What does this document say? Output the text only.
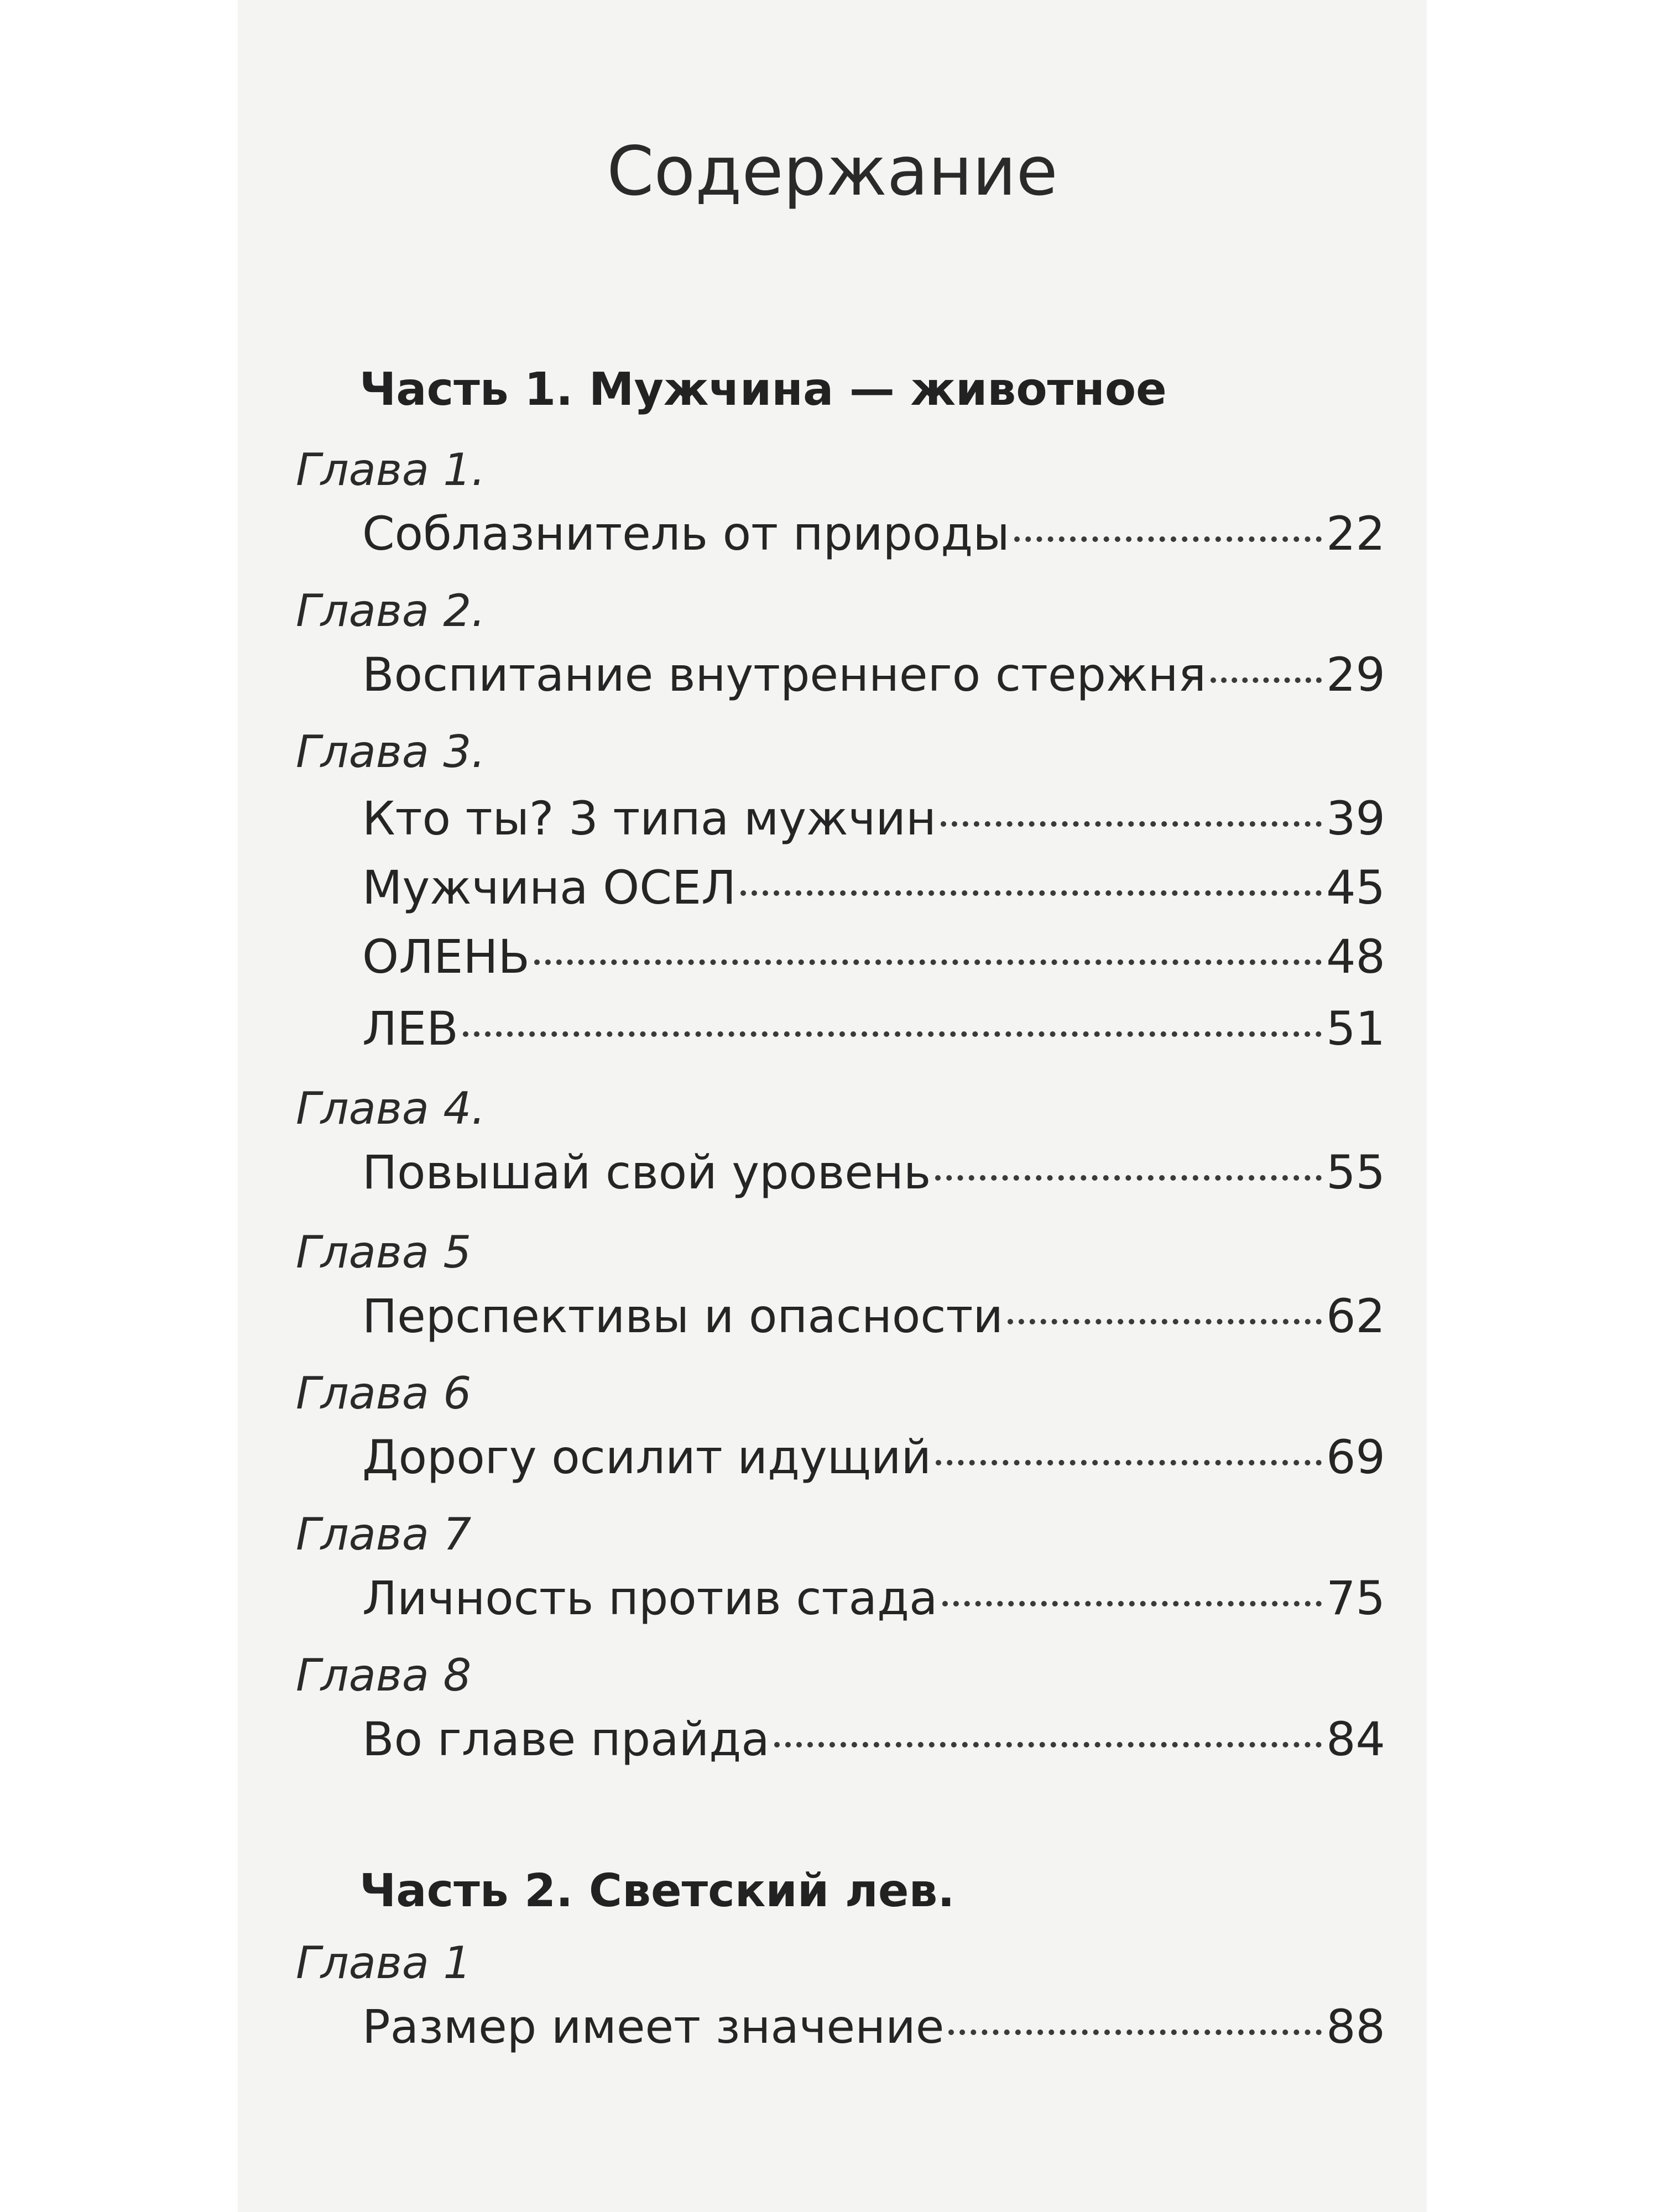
Содержание
Часть 1. Мужчина — животное
Глава 1.
Соблазнитель от природы	22
Глава 2.
Воспитание внутреннего стержня	29
Глава 3.
Кто ты? 3 типа мужчин	39
Мужчина ОСЕЛ	45
ОЛЕНЬ	48
ЛЕВ	51
Глава 4.
Повышай свой уровень	55
Глава 5
Перспективы и опасности	62
Глава 6
Дорогу осилит идущий	69
Глава 7
Личность против стада	75
Глава 8
Во главе прайда	84
Часть 2. Светский лев.
Глава 1
Размер имеет значение	88
